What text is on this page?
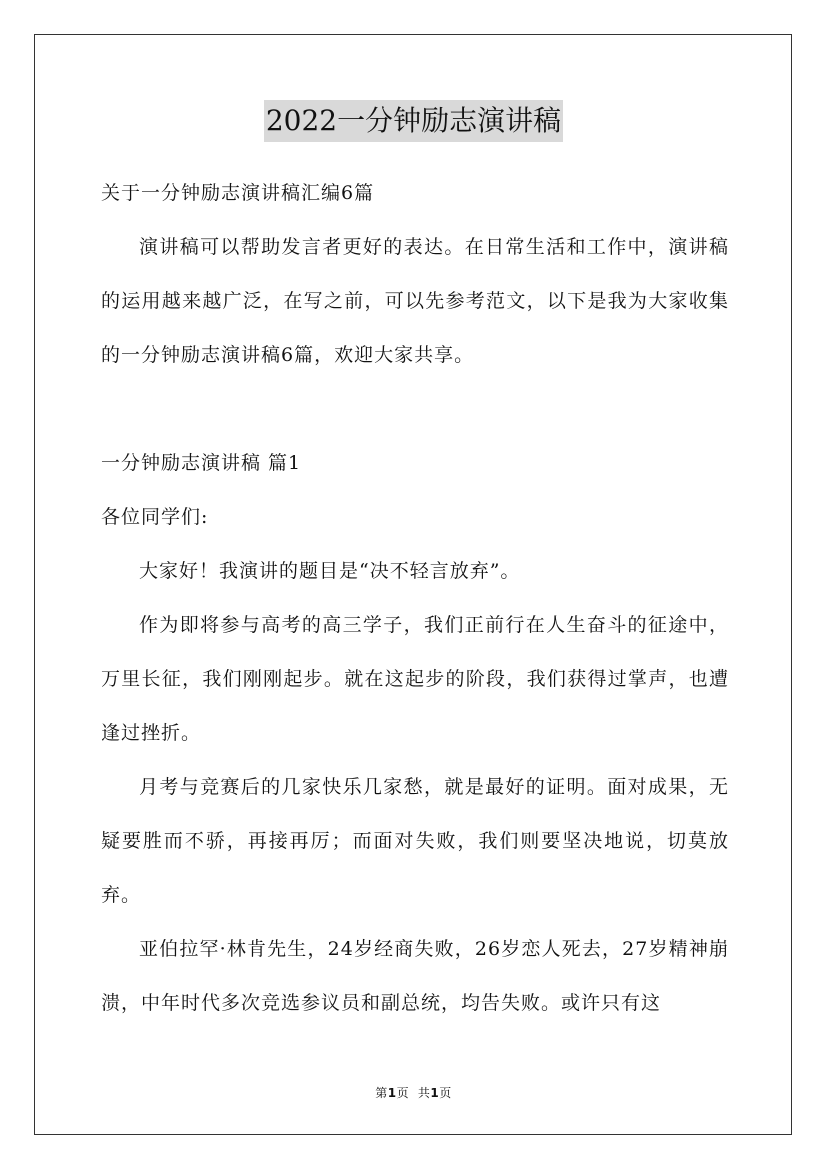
2022一分钟励志演讲稿
关于一分钟励志演讲稿汇编6篇
演讲稿可以帮助发言者更好的表达。在日常生活和工作中，演讲稿的运用越来越广泛，在写之前，可以先参考范文，以下是我为大家收集的一分钟励志演讲稿6篇，欢迎大家共享。
一分钟励志演讲稿 篇1
各位同学们:

大家好！我演讲的题目是“决不轻言放弃”。

作为即将参与高考的高三学子，我们正前行在人生奋斗的征途中，万里长征，我们刚刚起步。就在这起步的阶段，我们获得过掌声，也遭逢过挫折。

月考与竞赛后的几家快乐几家愁，就是最好的证明。面对成果，无疑要胜而不骄，再接再厉；而面对失败，我们则要坚决地说，切莫放弃。

亚伯拉罕·林肯先生，24岁经商失败，26岁恋人死去，27岁精神崩溃，中年时代多次竞选参议员和副总统，均告失败。或许只有这

第1页 共1页
